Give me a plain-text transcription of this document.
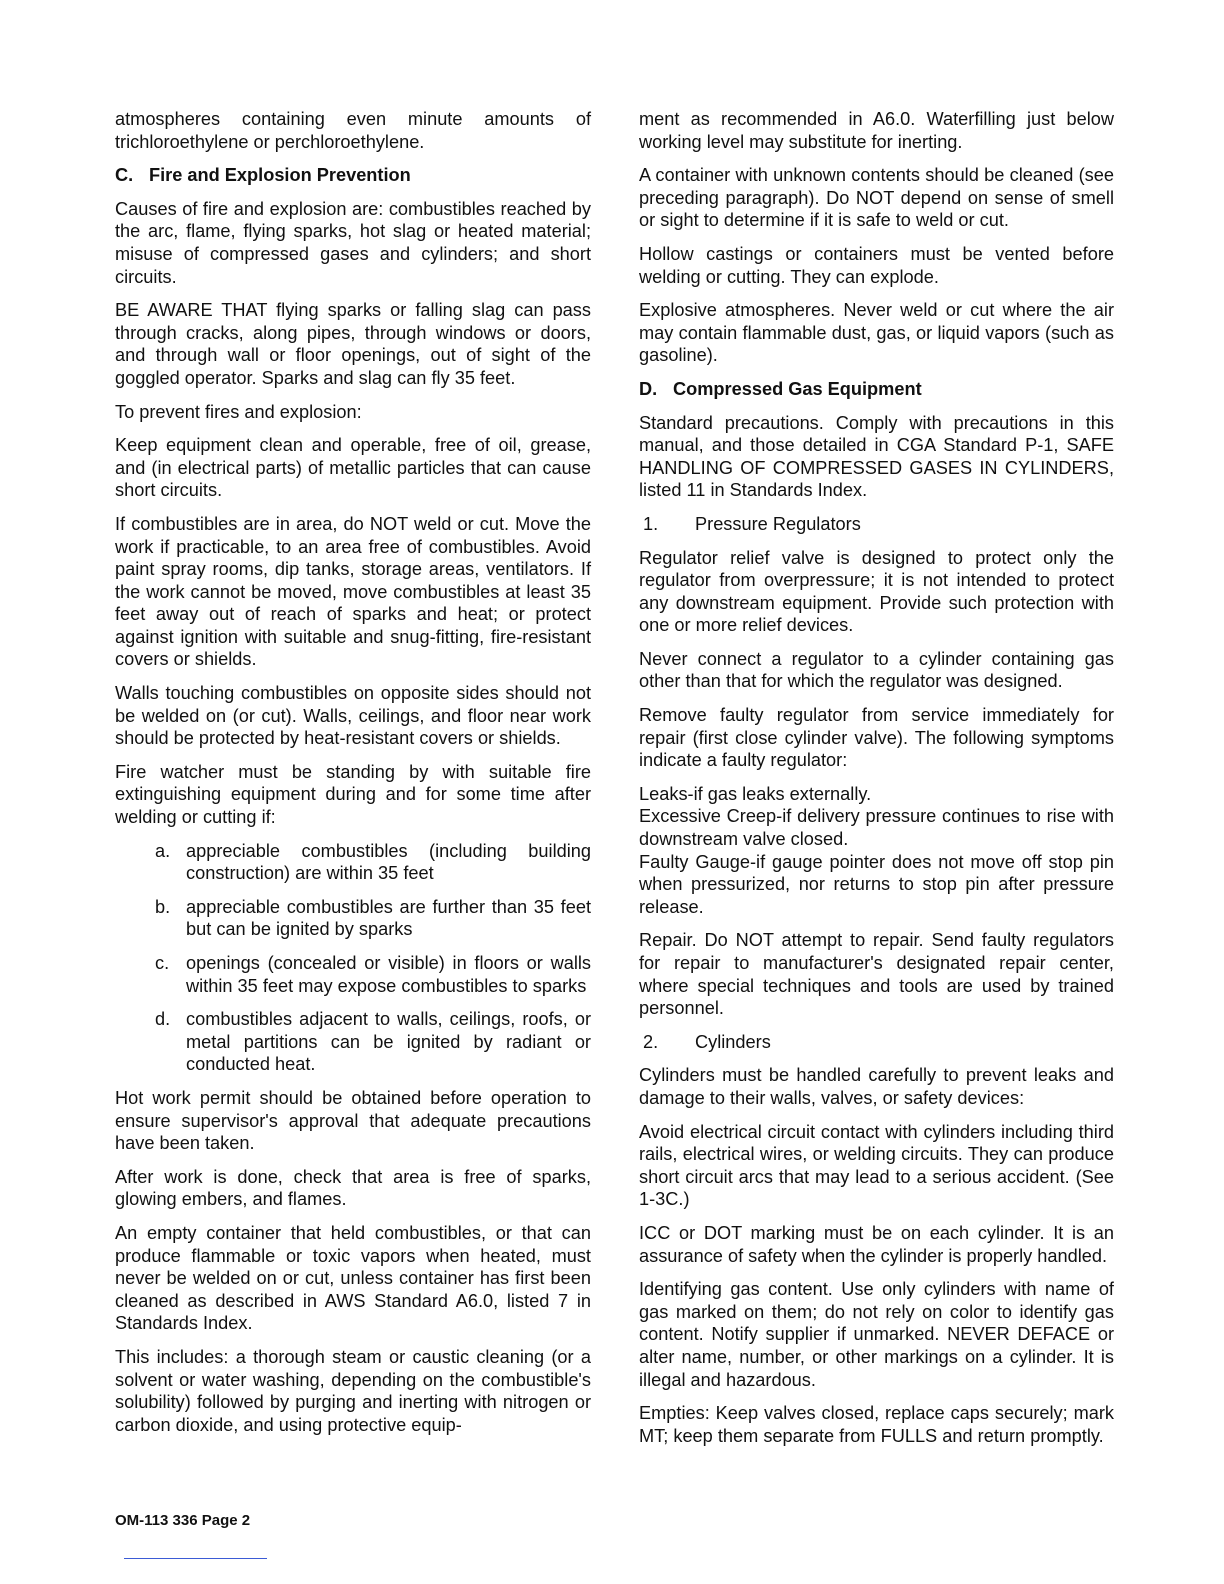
atmospheres containing even minute amounts of trichloroethylene or perchloroethylene.

C. Fire and Explosion Prevention

Causes of fire and explosion are: combustibles reached by the arc, flame, flying sparks, hot slag or heated material; misuse of compressed gases and cylinders; and short circuits.

BE AWARE THAT flying sparks or falling slag can pass through cracks, along pipes, through windows or doors, and through wall or floor openings, out of sight of the goggled operator. Sparks and slag can fly 35 feet.

To prevent fires and explosion:

Keep equipment clean and operable, free of oil, grease, and (in electrical parts) of metallic particles that can cause short circuits.

If combustibles are in area, do NOT weld or cut. Move the work if practicable, to an area free of combustibles. Avoid paint spray rooms, dip tanks, storage areas, ventilators. If the work cannot be moved, move combustibles at least 35 feet away out of reach of sparks and heat; or protect against ignition with suitable and snug-fitting, fire-resistant covers or shields.

Walls touching combustibles on opposite sides should not be welded on (or cut). Walls, ceilings, and floor near work should be protected by heat-resistant covers or shields.

Fire watcher must be standing by with suitable fire extinguishing equipment during and for some time after welding or cutting if:

a. appreciable combustibles (including building construction) are within 35 feet
b. appreciable combustibles are further than 35 feet but can be ignited by sparks
c. openings (concealed or visible) in floors or walls within 35 feet may expose combustibles to sparks
d. combustibles adjacent to walls, ceilings, roofs, or metal partitions can be ignited by radiant or conducted heat.

Hot work permit should be obtained before operation to ensure supervisor's approval that adequate precautions have been taken.

After work is done, check that area is free of sparks, glowing embers, and flames.

An empty container that held combustibles, or that can produce flammable or toxic vapors when heated, must never be welded on or cut, unless container has first been cleaned as described in AWS Standard A6.0, listed 7 in Standards Index.

This includes: a thorough steam or caustic cleaning (or a solvent or water washing, depending on the combustible's solubility) followed by purging and inerting with nitrogen or carbon dioxide, and using protective equip-

ment as recommended in A6.0. Waterfilling just below working level may substitute for inerting.

A container with unknown contents should be cleaned (see preceding paragraph). Do NOT depend on sense of smell or sight to determine if it is safe to weld or cut.

Hollow castings or containers must be vented before welding or cutting. They can explode.

Explosive atmospheres. Never weld or cut where the air may contain flammable dust, gas, or liquid vapors (such as gasoline).

D. Compressed Gas Equipment

Standard precautions. Comply with precautions in this manual, and those detailed in CGA Standard P-1, SAFE HANDLING OF COMPRESSED GASES IN CYLINDERS, listed 11 in Standards Index.

1. Pressure Regulators

Regulator relief valve is designed to protect only the regulator from overpressure; it is not intended to protect any downstream equipment. Provide such protection with one or more relief devices.

Never connect a regulator to a cylinder containing gas other than that for which the regulator was designed.

Remove faulty regulator from service immediately for repair (first close cylinder valve). The following symptoms indicate a faulty regulator:

Leaks-if gas leaks externally.

Excessive Creep-if delivery pressure continues to rise with downstream valve closed.

Faulty Gauge-if gauge pointer does not move off stop pin when pressurized, nor returns to stop pin after pressure release.

Repair. Do NOT attempt to repair. Send faulty regulators for repair to manufacturer's designated repair center, where special techniques and tools are used by trained personnel.

2. Cylinders

Cylinders must be handled carefully to prevent leaks and damage to their walls, valves, or safety devices:

Avoid electrical circuit contact with cylinders including third rails, electrical wires, or welding circuits. They can produce short circuit arcs that may lead to a serious accident. (See 1-3C.)

ICC or DOT marking must be on each cylinder. It is an assurance of safety when the cylinder is properly handled.

Identifying gas content. Use only cylinders with name of gas marked on them; do not rely on color to identify gas content. Notify supplier if unmarked. NEVER DEFACE or alter name, number, or other markings on a cylinder. It is illegal and hazardous.

Empties: Keep valves closed, replace caps securely; mark MT; keep them separate from FULLS and return promptly.

OM-113 336 Page 2
